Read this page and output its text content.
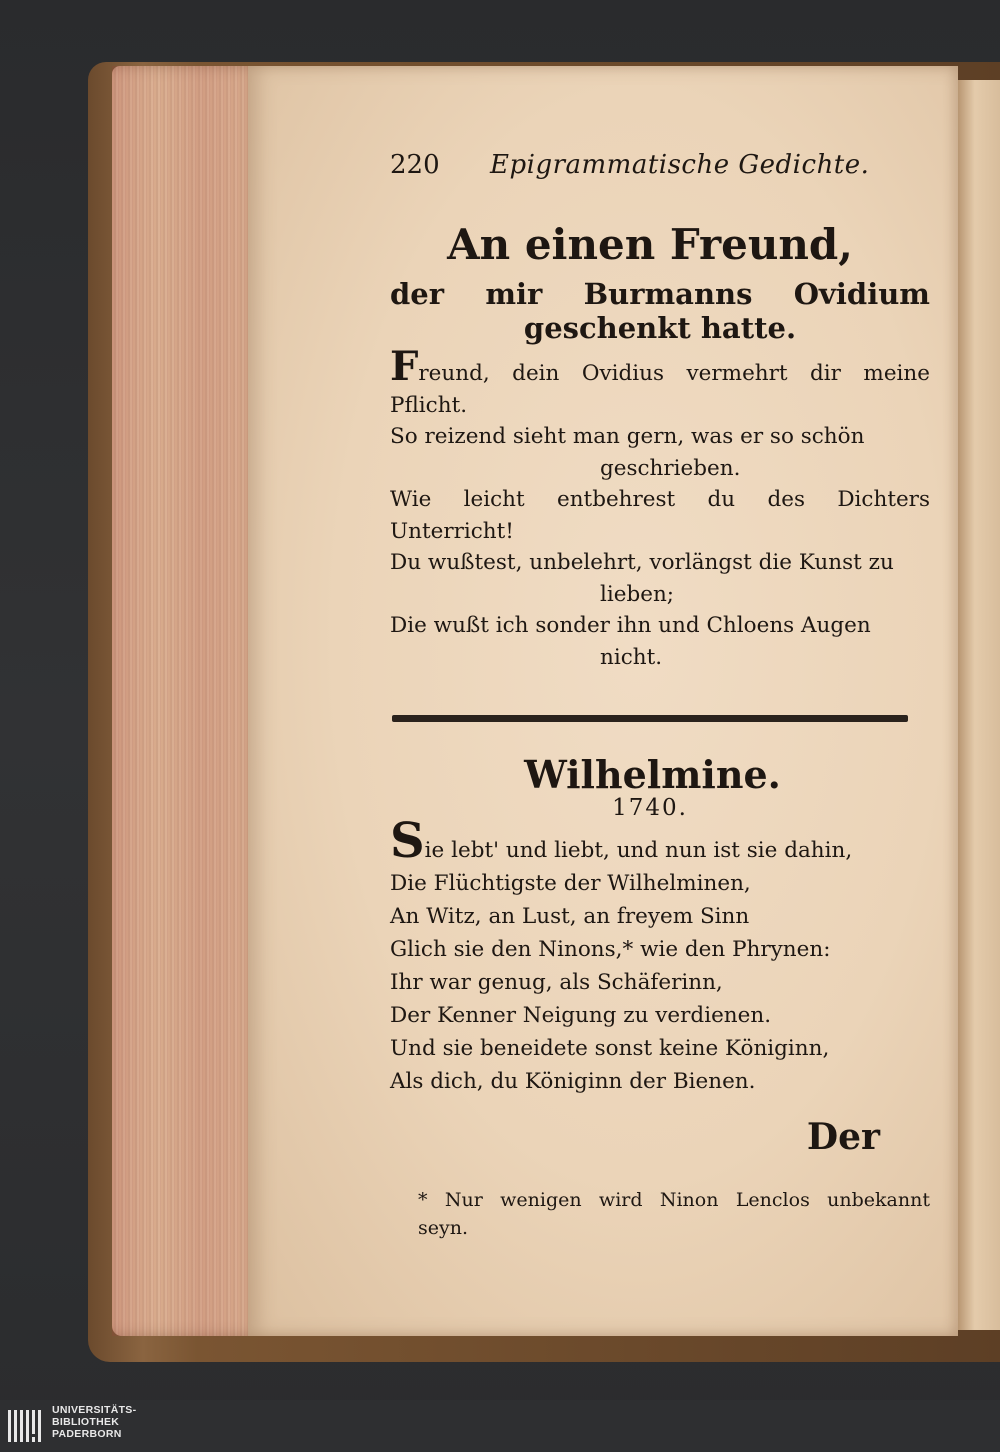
220	Epigrammatische Gedichte.
An einen Freund,
der mir Burmanns Ovidium geschenkt hatte.
Freund, dein Ovidius vermehrt dir meine Pflicht.
So reizend sieht man gern, was er so schön
geschrieben.
Wie leicht entbehrest du des Dichters Unterricht!
Du wußtest, unbelehrt, vorlängst die Kunst zu
lieben;
Die wußt ich sonder ihn und Chloens Augen
nicht.
Wilhelmine.
1740.
Sie lebt' und liebt, und nun ist sie dahin,
Die Flüchtigste der Wilhelminen,
An Witz, an Lust, an freyem Sinn
Glich sie den Ninons,* wie den Phrynen:
Ihr war genug, als Schäferinn,
Der Kenner Neigung zu verdienen.
Und sie beneidete sonst keine Königinn,
Als dich, du Königinn der Bienen.
Der
* Nur wenigen wird Ninon Lenclos unbekannt
seyn.
UNIVERSITÄTS-
BIBLIOTHEK
PADERBORN
